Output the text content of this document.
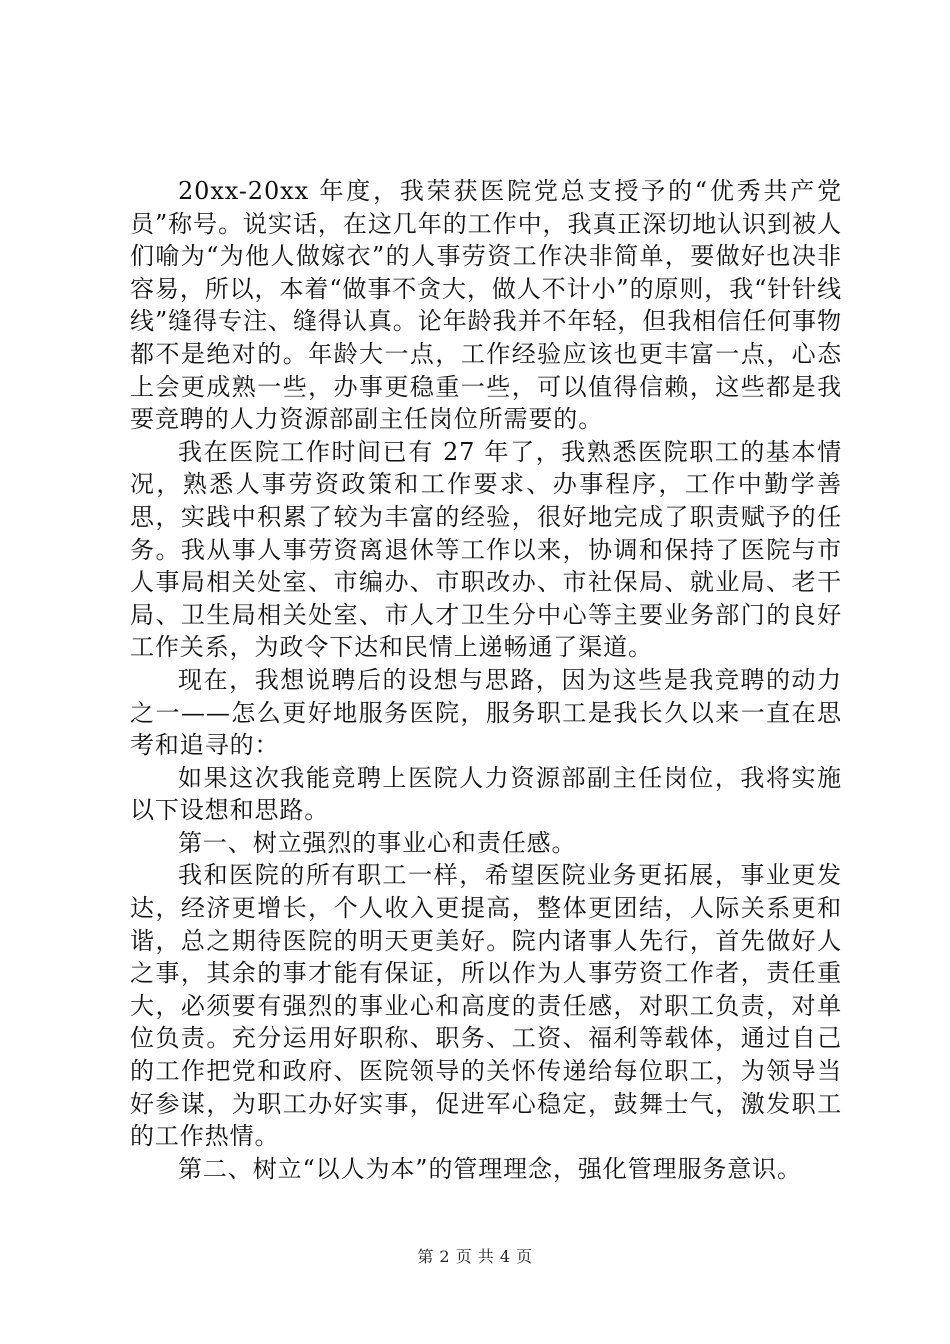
20xx-20xx 年度，我荣获医院党总支授予的“优秀共产党员”称号。说实话，在这几年的工作中，我真正深切地认识到被人们喻为“为他人做嫁衣”的人事劳资工作决非简单，要做好也决非容易，所以，本着“做事不贪大，做人不计小”的原则，我“针针线线”缝得专注、缝得认真。论年龄我并不年轻，但我相信任何事物都不是绝对的。年龄大一点，工作经验应该也更丰富一点，心态上会更成熟一些，办事更稳重一些，可以值得信赖，这些都是我要竞聘的人力资源部副主任岗位所需要的。

我在医院工作时间已有 27 年了，我熟悉医院职工的基本情况，熟悉人事劳资政策和工作要求、办事程序，工作中勤学善思，实践中积累了较为丰富的经验，很好地完成了职责赋予的任务。我从事人事劳资离退休等工作以来，协调和保持了医院与市人事局相关处室、市编办、市职改办、市社保局、就业局、老干局、卫生局相关处室、市人才卫生分中心等主要业务部门的良好工作关系，为政令下达和民情上递畅通了渠道。

现在，我想说聘后的设想与思路，因为这些是我竞聘的动力之一——怎么更好地服务医院，服务职工是我长久以来一直在思考和追寻的：

如果这次我能竞聘上医院人力资源部副主任岗位，我将实施以下设想和思路。

第一、树立强烈的事业心和责任感。

我和医院的所有职工一样，希望医院业务更拓展，事业更发达，经济更增长，个人收入更提高，整体更团结，人际关系更和谐，总之期待医院的明天更美好。院内诸事人先行，首先做好人之事，其余的事才能有保证，所以作为人事劳资工作者，责任重大，必须要有强烈的事业心和高度的责任感，对职工负责，对单位负责。充分运用好职称、职务、工资、福利等载体，通过自己的工作把党和政府、医院领导的关怀传递给每位职工，为领导当好参谋，为职工办好实事，促进军心稳定，鼓舞士气，激发职工的工作热情。

第二、树立“以人为本”的管理理念，强化管理服务意识。

第 2 页 共 4 页
